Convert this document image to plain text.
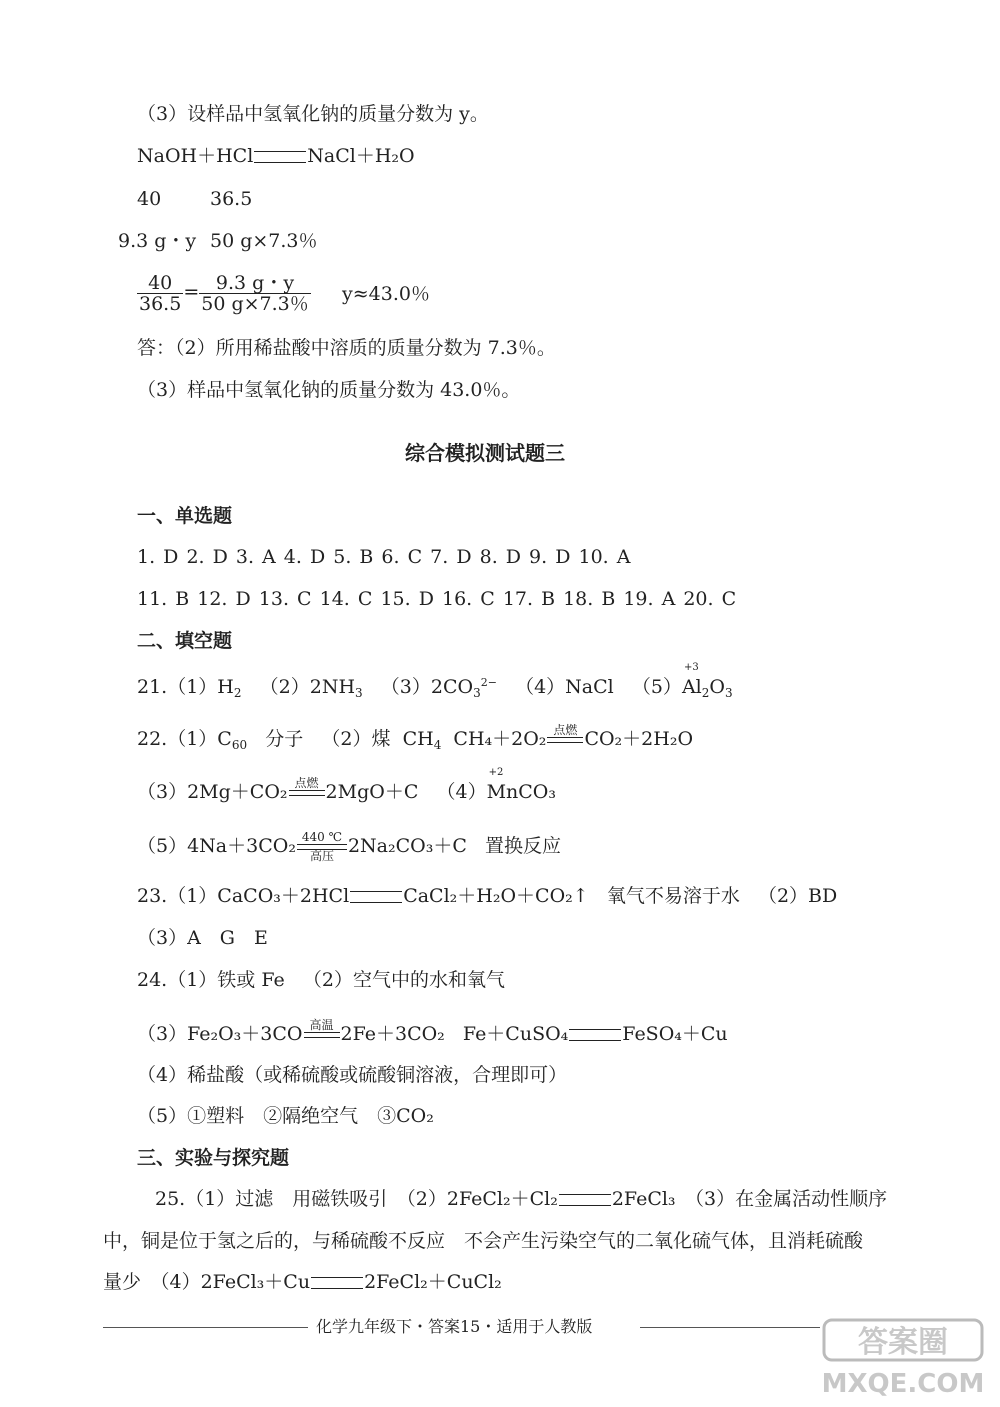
（3）设样品中氢氧化钠的质量分数为 y。
NaOH＋HCl	NaCl＋H₂O
40	36.5
9.3 g・y 50 g×7.3％
$\frac{40}{36.5} = \frac{9.3 g・y}{50 g\times 7.3\%} y\approx 43.0$％
答：（2）所用稀盐酸中溶质的质量分数为 7.3％。
（3）样品中氢氧化钠的质量分数为 43.0％。
综合模拟测试题三
一、单选题
1. D 2. D 3. A 4. D 5. B 6. C 7. D 8. D 9. D 10. A
11. B 12. D 13. C 14. C 15. D 16. C 17. B 18. B 19. A 20. C
二、填空题
$21.(1)H_2$ $(2)2NH_3$ $(3)2CO_3^{2-}$ （4）NaCl （5）
+3
$Al_2O_3$
$22.(1)C_{60}$ 分子 （2）煤 $CH_4$ CH₄＋2O₂ 点燃 CO₂＋2H₂O
（3）2Mg＋CO₂ 点燃 2MgO＋C （4）
+2
MnCO₃
（5）4Na＋3CO₂ 440 ℃
高压 2Na₂CO₃＋C 置换反应
23.（1）CaCO₃＋2HCl	CaCl₂＋H₂O＋CO₂↑ 氧气不易溶于水 （2）BD
（3）A　G　E
24.（1）铁或 Fe （2）空气中的水和氧气
（3）Fe₂O₃＋3CO 高温 2Fe＋3CO₂ Fe＋CuSO₄	FeSO₄＋Cu
（4）稀盐酸（或稀硫酸或硫酸铜溶液，合理即可）
（5）①塑料　②隔绝空气　③CO₂
三、实验与探究题
25.（1）过滤　用磁铁吸引　（2）2FeCl₂＋Cl₂	2FeCl₃　（3）在金属活动性顺序
中，铜是位于氢之后的，与稀硫酸不反应　不会产生污染空气的二氧化硫气体，且消耗硫酸
量少　（4）2FeCl₃＋Cu	2FeCl₂＋CuCl₂
化学九年级下・答案15・适用于人教版	答案圈
MXQE.COM
